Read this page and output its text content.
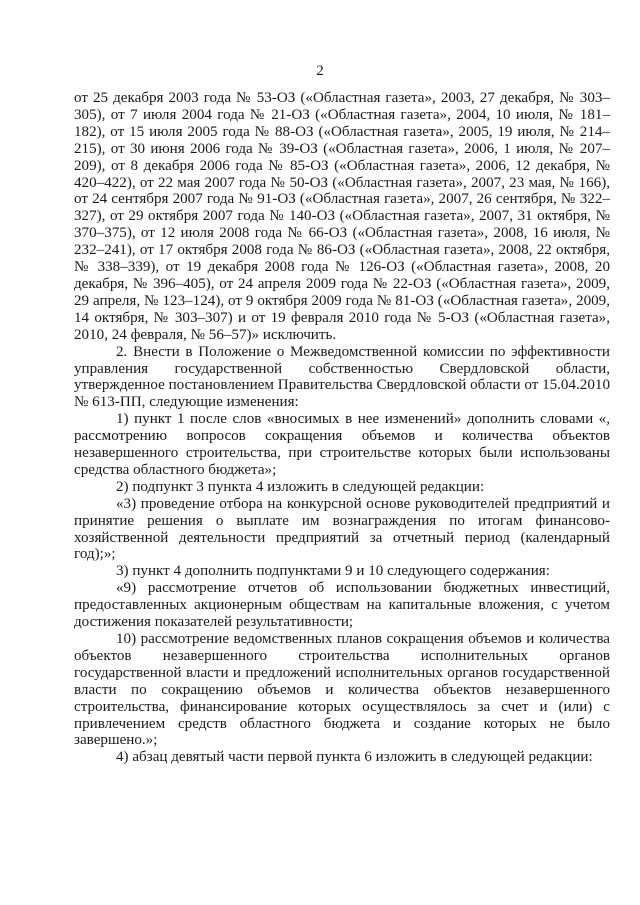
2

от 25 декабря 2003 года № 53-ОЗ («Областная газета», 2003, 27 декабря, № 303–305), от 7 июля 2004 года № 21-ОЗ («Областная газета», 2004, 10 июля, № 181–182), от 15 июля 2005 года № 88-ОЗ («Областная газета», 2005, 19 июля, № 214–215), от 30 июня 2006 года № 39-ОЗ («Областная газета», 2006, 1 июля, № 207–209), от 8 декабря 2006 года № 85-ОЗ («Областная газета», 2006, 12 декабря, № 420–422), от 22 мая 2007 года № 50-ОЗ («Областная газета», 2007, 23 мая, № 166), от 24 сентября 2007 года № 91-ОЗ («Областная газета», 2007, 26 сентября, № 322–327), от 29 октября 2007 года № 140-ОЗ («Областная газета», 2007, 31 октября, № 370–375), от 12 июля 2008 года № 66-ОЗ («Областная газета», 2008, 16 июля, № 232–241), от 17 октября 2008 года № 86-ОЗ («Областная газета», 2008, 22 октября, № 338–339), от 19 декабря 2008 года № 126-ОЗ («Областная газета», 2008, 20 декабря, № 396–405), от 24 апреля 2009 года № 22-ОЗ («Областная газета», 2009, 29 апреля, № 123–124), от 9 октября 2009 года № 81-ОЗ («Областная газета», 2009, 14 октября, № 303–307) и от 19 февраля 2010 года № 5-ОЗ («Областная газета», 2010, 24 февраля, № 56–57)» исключить.

2. Внести в Положение о Межведомственной комиссии по эффективности управления государственной собственностью Свердловской области, утвержденное постановлением Правительства Свердловской области от 15.04.2010 № 613-ПП, следующие изменения:

1) пункт 1 после слов «вносимых в нее изменений» дополнить словами «, рассмотрению вопросов сокращения объемов и количества объектов незавершенного строительства, при строительстве которых были использованы средства областного бюджета»;

2) подпункт 3 пункта 4 изложить в следующей редакции:

«3) проведение отбора на конкурсной основе руководителей предприятий и принятие решения о выплате им вознаграждения по итогам финансово-хозяйственной деятельности предприятий за отчетный период (календарный год);»;

3) пункт 4 дополнить подпунктами 9 и 10 следующего содержания:

«9) рассмотрение отчетов об использовании бюджетных инвестиций, предоставленных акционерным обществам на капитальные вложения, с учетом достижения показателей результативности;

10) рассмотрение ведомственных планов сокращения объемов и количества объектов незавершенного строительства исполнительных органов государственной власти и предложений исполнительных органов государственной власти по сокращению объемов и количества объектов незавершенного строительства, финансирование которых осуществлялось за счет и (или) с привлечением средств областного бюджета и создание которых не было завершено.»;

4) абзац девятый части первой пункта 6 изложить в следующей редакции:
